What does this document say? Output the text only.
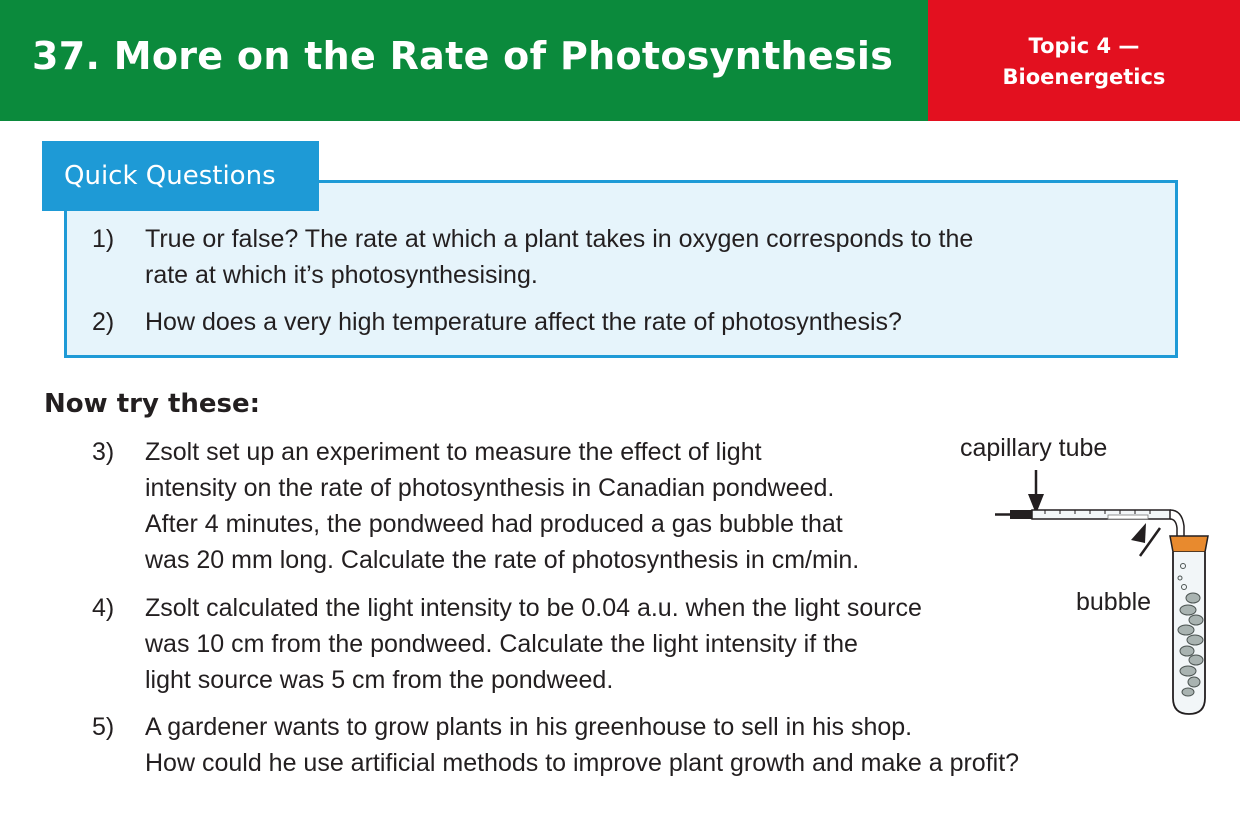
37. More on the Rate of Photosynthesis	Topic 4 —
Bioenergetics
Quick Questions
1) True or false? The rate at which a plant takes in oxygen corresponds to the
rate at which it’s photosynthesising.
2) How does a very high temperature affect the rate of photosynthesis?
Now try these:
3) Zsolt set up an experiment to measure the effect of light
intensity on the rate of photosynthesis in Canadian pondweed.
After 4 minutes, the pondweed had produced a gas bubble that
was 20 mm long. Calculate the rate of photosynthesis in cm/min.
4) Zsolt calculated the light intensity to be 0.04 a.u. when the light source
was 10 cm from the pondweed. Calculate the light intensity if the
light source was 5 cm from the pondweed.
5) A gardener wants to grow plants in his greenhouse to sell in his shop.
How could he use artificial methods to improve plant growth and make a profit?
capillary tube
bubble
